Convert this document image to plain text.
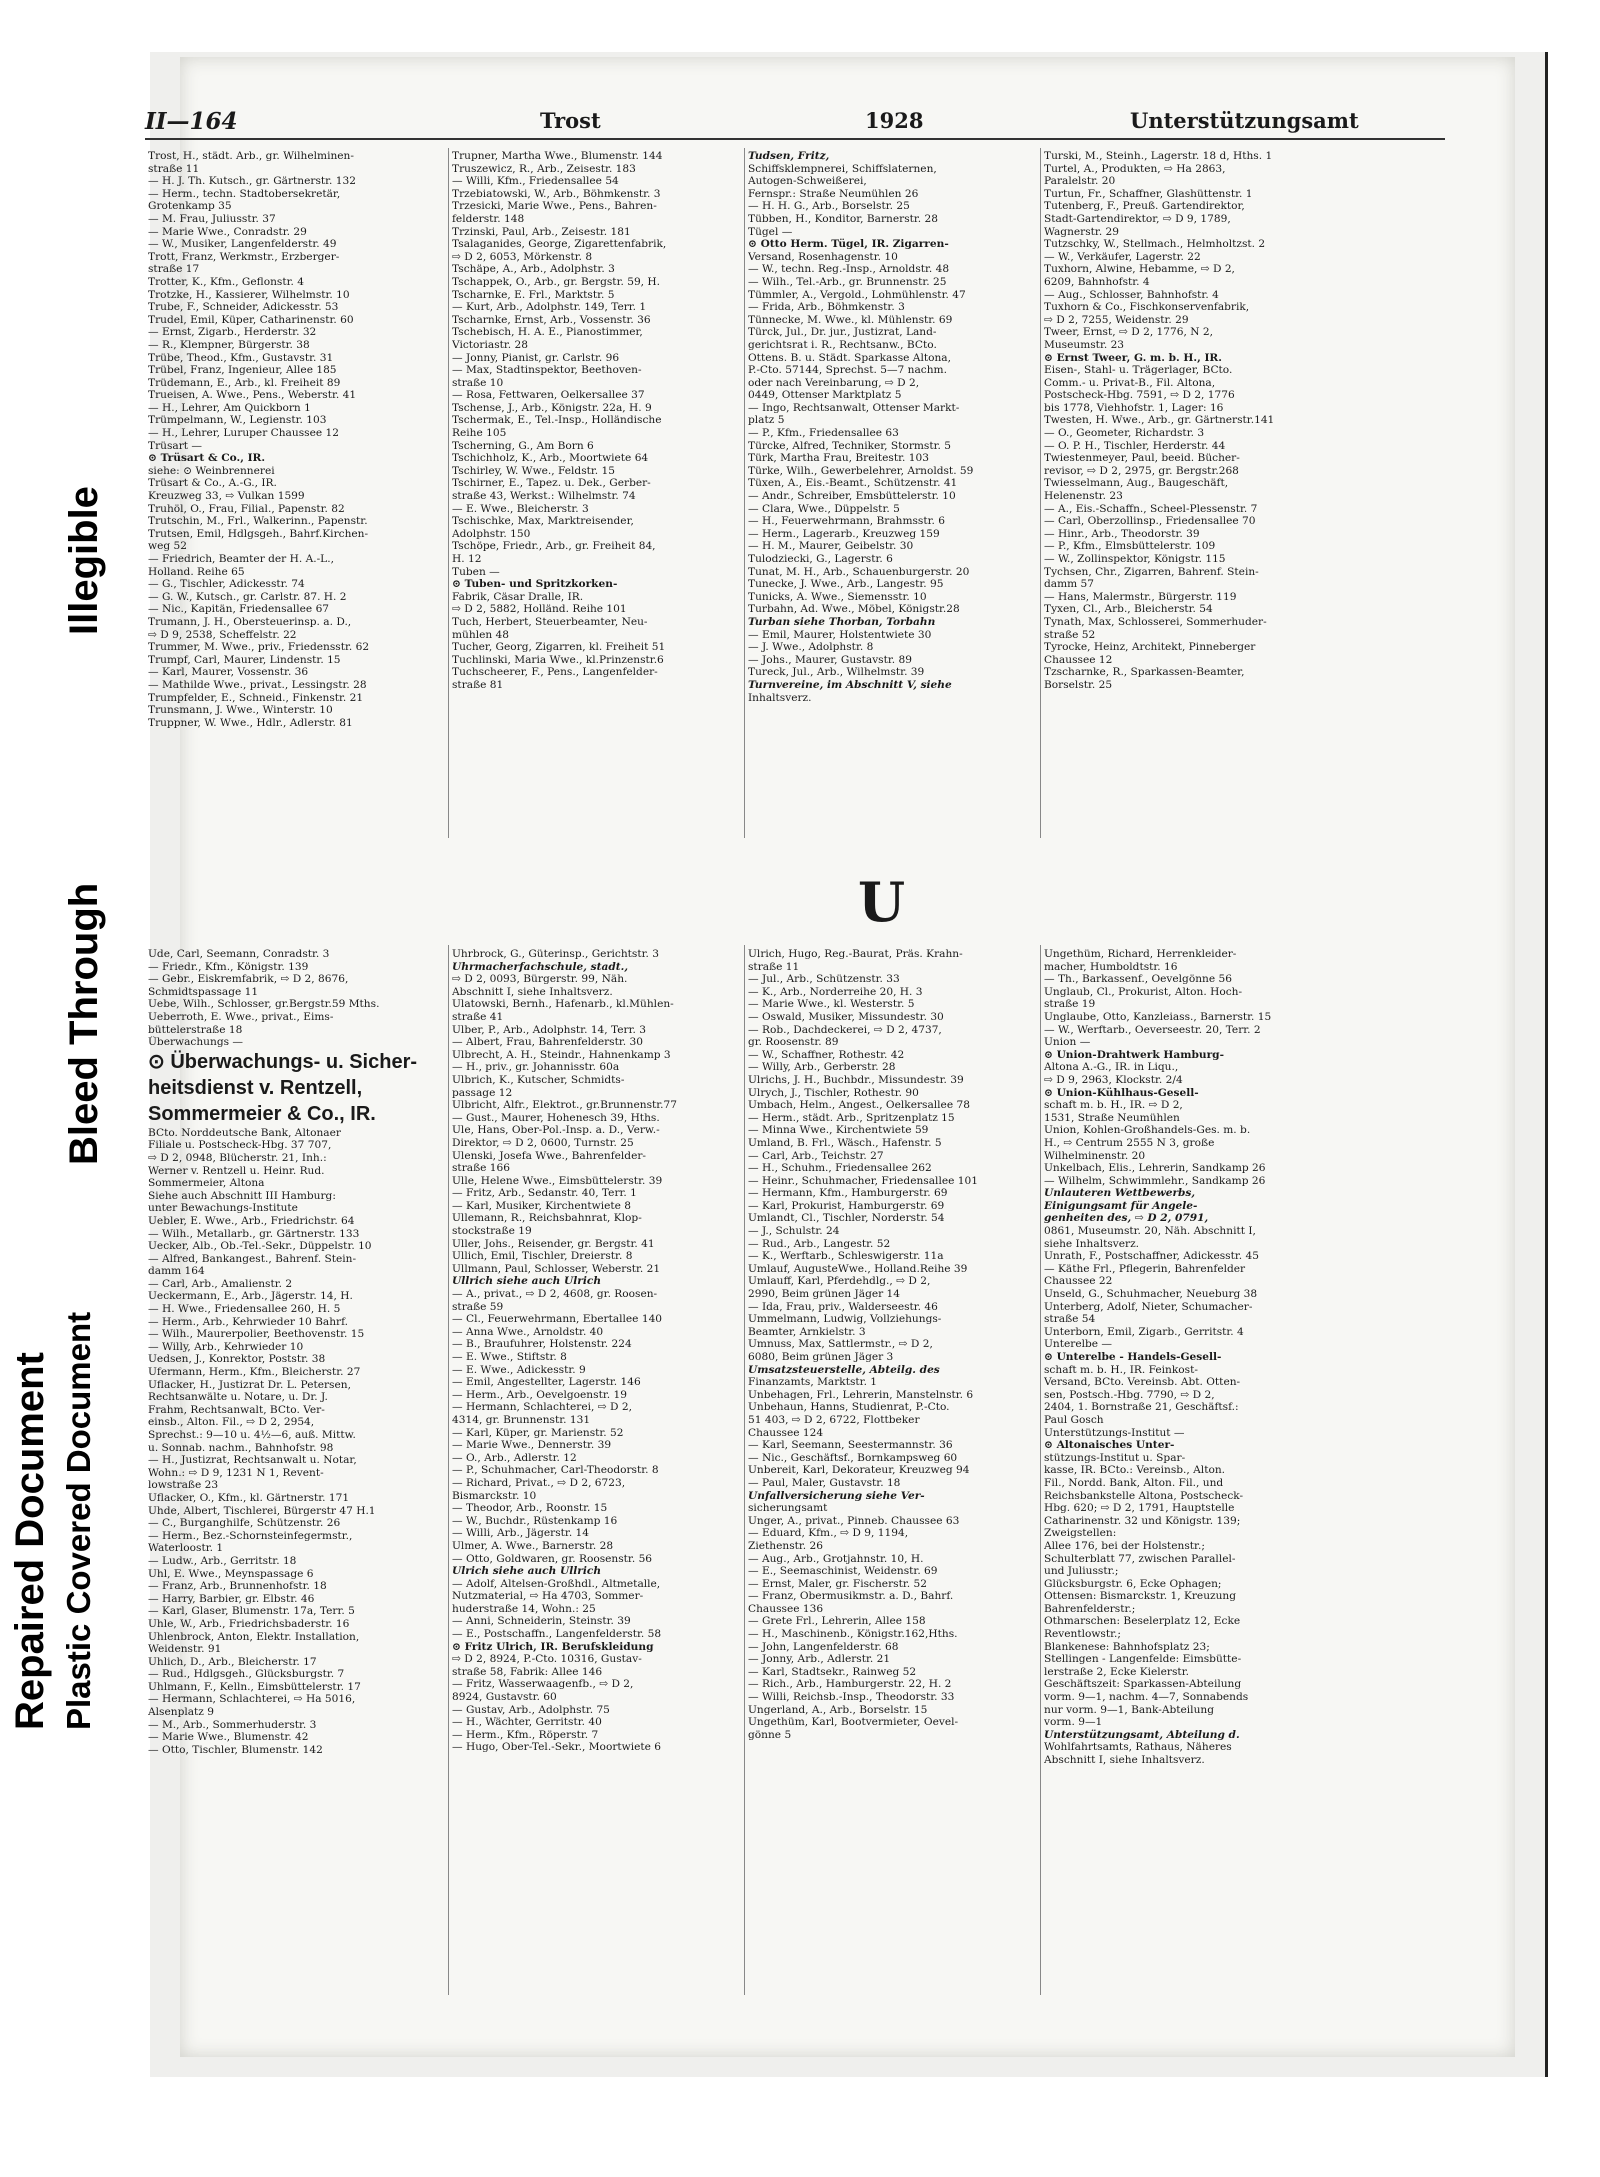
Repaired Document Plastic Covered Document
Bleed Through
Illegible
II—164	Trost	1928	Unterstützungsamt
Trost, H., städt. Arb., gr. Wilhelminen-
straße 11
— H. J. Th. Kutsch., gr. Gärtnerstr. 132
— Herm., techn. Stadtobersekretär,
Grotenkamp 35
— M. Frau, Juliusstr. 37
— Marie Wwe., Conradstr. 29
— W., Musiker, Langenfelderstr. 49
Trott, Franz, Werkmstr., Erzberger-
straße 17
Trotter, K., Kfm., Geflonstr. 4
Trotzke, H., Kassierer, Wilhelmstr. 10
Trube, F., Schneider, Adickesstr. 53
Trudel, Emil, Küper, Catharinenstr. 60
— Ernst, Zigarb., Herderstr. 32
— R., Klempner, Bürgerstr. 38
Trübe, Theod., Kfm., Gustavstr. 31
Trübel, Franz, Ingenieur, Allee 185
Trüdemann, E., Arb., kl. Freiheit 89
Trueisen, A. Wwe., Pens., Weberstr. 41
— H., Lehrer, Am Quickborn 1
Trümpelmann, W., Legienstr. 103
— H., Lehrer, Luruper Chaussee 12
Trüsart —
⊙ Trüsart & Co., IR.
siehe: ⊙ Weinbrennerei
Trüsart & Co., A.-G., IR.
Kreuzweg 33, ⇨ Vulkan 1599
Truhöl, O., Frau, Filial., Papenstr. 82
Trutschin, M., Frl., Walkerinn., Papenstr.
Trutsen, Emil, Hdlgsgeh., Bahrf.Kirchen-
weg 52
— Friedrich, Beamter der H. A.-L.,
Holland. Reihe 65
— G., Tischler, Adickesstr. 74
— G. W., Kutsch., gr. Carlstr. 87. H. 2
— Nic., Kapitän, Friedensallee 67
Trumann, J. H., Obersteuerinsp. a. D.,
⇨ D 9, 2538, Scheffelstr. 22
Trummer, M. Wwe., priv., Friedensstr. 62
Trumpf, Carl, Maurer, Lindenstr. 15
— Karl, Maurer, Vossenstr. 36
— Mathilde Wwe., privat., Lessingstr. 28
Trumpfelder, E., Schneid., Finkenstr. 21
Trunsmann, J. Wwe., Winterstr. 10
Truppner, W. Wwe., Hdlr., Adlerstr. 81
Trupner, Martha Wwe., Blumenstr. 144
Truszewicz, R., Arb., Zeisestr. 183
— Willi, Kfm., Friedensallee 54
Trzebiatowski, W., Arb., Böhmkenstr. 3
Trzesicki, Marie Wwe., Pens., Bahren-
felderstr. 148
Trzinski, Paul, Arb., Zeisestr. 181
Tsalaganides, George, Zigarettenfabrik,
⇨ D 2, 6053, Mörkenstr. 8
Tschäpe, A., Arb., Adolphstr. 3
Tschappek, O., Arb., gr. Bergstr. 59, H.
Tscharnke, E. Frl., Marktstr. 5
— Kurt, Arb., Adolphstr. 149, Terr. 1
Tscharnke, Ernst, Arb., Vossenstr. 36
Tschebisch, H. A. E., Pianostimmer,
Victoriastr. 28
— Jonny, Pianist, gr. Carlstr. 96
— Max, Stadtinspektor, Beethoven-
straße 10
— Rosa, Fettwaren, Oelkersallee 37
Tschense, J., Arb., Königstr. 22a, H. 9
Tschermak, E., Tel.-Insp., Holländische
Reihe 105
Tscherning, G., Am Born 6
Tschichholz, K., Arb., Moortwiete 64
Tschirley, W. Wwe., Feldstr. 15
Tschirner, E., Tapez. u. Dek., Gerber-
straße 43, Werkst.: Wilhelmstr. 74
— E. Wwe., Bleicherstr. 3
Tschischke, Max, Marktreisender,
Adolphstr. 150
Tschöpe, Friedr., Arb., gr. Freiheit 84,
H. 12
Tuben —
⊙ Tuben- und Spritzkorken-
Fabrik, Cäsar Dralle, IR.
⇨ D 2, 5882, Holländ. Reihe 101
Tuch, Herbert, Steuerbeamter, Neu-
mühlen 48
Tucher, Georg, Zigarren, kl. Freiheit 51
Tuchlinski, Maria Wwe., kl.Prinzenstr.6
Tuchscheerer, F., Pens., Langenfelder-
straße 81
Tudsen, Fritz,
Schiffsklempnerei, Schiffslaternen,
Autogen-Schweißerei,
Fernspr.: Straße Neumühlen 26
— H. H. G., Arb., Borselstr. 25
Tübben, H., Konditor, Barnerstr. 28
Tügel —
⊙ Otto Herm. Tügel, IR. Zigarren-
Versand, Rosenhagenstr. 10
— W., techn. Reg.-Insp., Arnoldstr. 48
— Wilh., Tel.-Arb., gr. Brunnenstr. 25
Tümmler, A., Vergold., Lohmühlenstr. 47
— Frida, Arb., Böhmkenstr. 3
Tünnecke, M. Wwe., kl. Mühlenstr. 69
Türck, Jul., Dr. jur., Justizrat, Land-
gerichtsrat i. R., Rechtsanw., BCto.
Ottens. B. u. Städt. Sparkasse Altona,
P.-Cto. 57144, Sprechst. 5—7 nachm.
oder nach Vereinbarung, ⇨ D 2,
0449, Ottenser Marktplatz 5
— Ingo, Rechtsanwalt, Ottenser Markt-
platz 5
— P., Kfm., Friedensallee 63
Türcke, Alfred, Techniker, Stormstr. 5
Türk, Martha Frau, Breitestr. 103
Türke, Wilh., Gewerbelehrer, Arnoldst. 59
Tüxen, A., Eis.-Beamt., Schützenstr. 41
— Andr., Schreiber, Emsbüttelerstr. 10
— Clara, Wwe., Düppelstr. 5
— H., Feuerwehrmann, Brahmsstr. 6
— Herm., Lagerarb., Kreuzweg 159
— H. M., Maurer, Geibelstr. 30
Tulodziecki, G., Lagerstr. 6
Tunat, M. H., Arb., Schauenburgerstr. 20
Tunecke, J. Wwe., Arb., Langestr. 95
Tunicks, A. Wwe., Siemensstr. 10
Turbahn, Ad. Wwe., Möbel, Königstr.28
Turban siehe Thorban, Torbahn
— Emil, Maurer, Holstentwiete 30
— J. Wwe., Adolphstr. 8
— Johs., Maurer, Gustavstr. 89
Tureck, Jul., Arb., Wilhelmstr. 39
Turnvereine, im Abschnitt V, siehe
Inhaltsverz.
Turski, M., Steinh., Lagerstr. 18 d, Hths. 1
Turtel, A., Produkten, ⇨ Ha 2863,
Paralelstr. 20
Turtun, Fr., Schaffner, Glashüttenstr. 1
Tutenberg, F., Preuß. Gartendirektor,
Stadt-Gartendirektor, ⇨ D 9, 1789,
Wagnerstr. 29
Tutzschky, W., Stellmach., Helmholtzst. 2
— W., Verkäufer, Lagerstr. 22
Tuxhorn, Alwine, Hebamme, ⇨ D 2,
6209, Bahnhofstr. 4
— Aug., Schlosser, Bahnhofstr. 4
Tuxhorn & Co., Fischkonservenfabrik,
⇨ D 2, 7255, Weidenstr. 29
Tweer, Ernst, ⇨ D 2, 1776, N 2,
Museumstr. 23
⊙ Ernst Tweer, G. m. b. H., IR.
Eisen-, Stahl- u. Trägerlager, BCto.
Comm.- u. Privat-B., Fil. Altona,
Postscheck-Hbg. 7591, ⇨ D 2, 1776
bis 1778, Viehhofstr. 1, Lager: 16
Twesten, H. Wwe., Arb., gr. Gärtnerstr.141
— O., Geometer, Richardstr. 3
— O. P. H., Tischler, Herderstr. 44
Twiestenmeyer, Paul, beeid. Bücher-
revisor, ⇨ D 2, 2975, gr. Bergstr.268
Twiesselmann, Aug., Baugeschäft,
Helenenstr. 23
— A., Eis.-Schaffn., Scheel-Plessenstr. 7
— Carl, Oberzollinsp., Friedensallee 70
— Hinr., Arb., Theodorstr. 39
— P., Kfm., Elmsbüttelerstr. 109
— W., Zollinspektor, Königstr. 115
Tychsen, Chr., Zigarren, Bahrenf. Stein-
damm 57
— Hans, Malermstr., Bürgerstr. 119
Tyxen, Cl., Arb., Bleicherstr. 54
Tynath, Max, Schlosserei, Sommerhuder-
straße 52
Tyrocke, Heinz, Architekt, Pinneberger
Chaussee 12
Tzscharnke, R., Sparkassen-Beamter,
Borselstr. 25
U
Ude, Carl, Seemann, Conradstr. 3
— Friedr., Kfm., Königstr. 139
— Gebr., Eiskremfabrik, ⇨ D 2, 8676,
Schmidtspassage 11
Uebe, Wilh., Schlosser, gr.Bergstr.59 Mths.
Ueberroth, E. Wwe., privat., Eims-
büttelerstraße 18
Überwachungs —
⊙ Überwachungs- u. Sicher-
heitsdienst v. Rentzell,
Sommermeier & Co., IR.
BCto. Norddeutsche Bank, Altonaer
Filiale u. Postscheck-Hbg. 37 707,
⇨ D 2, 0948, Blücherstr. 21, Inh.:
Werner v. Rentzell u. Heinr. Rud.
Sommermeier, Altona
Siehe auch Abschnitt III Hamburg:
unter Bewachungs-Institute
Uebler, E. Wwe., Arb., Friedrichstr. 64
— Wilh., Metallarb., gr. Gärtnerstr. 133
Uecker, Alb., Ob.-Tel.-Sekr., Düppelstr. 10
— Alfred, Bankangest., Bahrenf. Stein-
damm 164
— Carl, Arb., Amalienstr. 2
Ueckermann, E., Arb., Jägerstr. 14, H.
— H. Wwe., Friedensallee 260, H. 5
— Herm., Arb., Kehrwieder 10 Bahrf.
— Wilh., Maurerpolier, Beethovenstr. 15
— Willy, Arb., Kehrwieder 10
Uedsen, J., Konrektor, Poststr. 38
Ufermann, Herm., Kfm., Bleicherstr. 27
Uflacker, H., Justizrat Dr. L. Petersen,
Rechtsanwälte u. Notare, u. Dr. J.
Frahm, Rechtsanwalt, BCto. Ver-
einsb., Alton. Fil., ⇨ D 2, 2954,
Sprechst.: 9—10 u. 4½—6, auß. Mittw.
u. Sonnab. nachm., Bahnhofstr. 98
— H., Justizrat, Rechtsanwalt u. Notar,
Wohn.: ⇨ D 9, 1231 N 1, Revent-
lowstraße 23
Uflacker, O., Kfm., kl. Gärtnerstr. 171
Uhde, Albert, Tischlerei, Bürgerstr 47 H.1
— C., Burganghilfe, Schützenstr. 26
— Herm., Bez.-Schornsteinfegermstr.,
Waterloostr. 1
— Ludw., Arb., Gerritstr. 18
Uhl, E. Wwe., Meynspassage 6
— Franz, Arb., Brunnenhofstr. 18
— Harry, Barbier, gr. Elbstr. 46
— Karl, Glaser, Blumenstr. 17a, Terr. 5
Uhle, W., Arb., Friedrichsbaderstr. 16
Uhlenbrock, Anton, Elektr. Installation,
Weidenstr. 91
Uhlich, D., Arb., Bleicherstr. 17
— Rud., Hdlgsgeh., Glücksburgstr. 7
Uhlmann, F., Kelln., Eimsbüttelerstr. 17
— Hermann, Schlachterei, ⇨ Ha 5016,
Alsenplatz 9
— M., Arb., Sommerhuderstr. 3
— Marie Wwe., Blumenstr. 42
— Otto, Tischler, Blumenstr. 142
Uhrbrock, G., Güterinsp., Gerichtstr. 3
Uhrmacherfachschule, stadt.,
⇨ D 2, 0093, Bürgerstr. 99, Näh.
Abschnitt I, siehe Inhaltsverz.
Ulatowski, Bernh., Hafenarb., kl.Mühlen-
straße 41
Ulber, P., Arb., Adolphstr. 14, Terr. 3
— Albert, Frau, Bahrenfelderstr. 30
Ulbrecht, A. H., Steindr., Hahnenkamp 3
— H., priv., gr. Johannisstr. 60a
Ulbrich, K., Kutscher, Schmidts-
passage 12
Ulbricht, Alfr., Elektrot., gr.Brunnenstr.77
— Gust., Maurer, Hohenesch 39, Hths.
Ule, Hans, Ober-Pol.-Insp. a. D., Verw.-
Direktor, ⇨ D 2, 0600, Turnstr. 25
Ulenski, Josefa Wwe., Bahrenfelder-
straße 166
Ulle, Helene Wwe., Eimsbüttelerstr. 39
— Fritz, Arb., Sedanstr. 40, Terr. 1
— Karl, Musiker, Kirchentwiete 8
Ullemann, R., Reichsbahnrat, Klop-
stockstraße 19
Uller, Johs., Reisender, gr. Bergstr. 41
Ullich, Emil, Tischler, Dreierstr. 8
Ullmann, Paul, Schlosser, Weberstr. 21
Ullrich siehe auch Ulrich
— A., privat., ⇨ D 2, 4608, gr. Roosen-
straße 59
— Cl., Feuerwehrmann, Ebertallee 140
— Anna Wwe., Arnoldstr. 40
— B., Braufuhrer, Holstenstr. 224
— E. Wwe., Stiftstr. 8
— E. Wwe., Adickesstr. 9
— Emil, Angestellter, Lagerstr. 146
— Herm., Arb., Oevelgoenstr. 19
— Hermann, Schlachterei, ⇨ D 2,
4314, gr. Brunnenstr. 131
— Karl, Küper, gr. Marienstr. 52
— Marie Wwe., Dennerstr. 39
— O., Arb., Adlerstr. 12
— P., Schuhmacher, Carl-Theodorstr. 8
— Richard, Privat., ⇨ D 2, 6723,
Bismarckstr. 10
— Theodor, Arb., Roonstr. 15
— W., Buchdr., Rüstenkamp 16
— Willi, Arb., Jägerstr. 14
Ulmer, A. Wwe., Barnerstr. 28
— Otto, Goldwaren, gr. Roosenstr. 56
Ulrich siehe auch Ullrich
— Adolf, Altelsen-Großhdl., Altmetalle,
Nutzmaterial, ⇨ Ha 4703, Sommer-
huderstraße 14, Wohn.: 25
— Anni, Schneiderin, Steinstr. 39
— E., Postschaffn., Langenfelderstr. 58
⊙ Fritz Ulrich, IR. Berufskleidung
⇨ D 2, 8924, P.-Cto. 10316, Gustav-
straße 58, Fabrik: Allee 146
— Fritz, Wasserwaagenfb., ⇨ D 2,
8924, Gustavstr. 60
— Gustav, Arb., Adolphstr. 75
— H., Wächter, Gerritstr. 40
— Herm., Kfm., Röperstr. 7
— Hugo, Ober-Tel.-Sekr., Moortwiete 6
Ulrich, Hugo, Reg.-Baurat, Präs. Krahn-
straße 11
— Jul., Arb., Schützenstr. 33
— K., Arb., Norderreihe 20, H. 3
— Marie Wwe., kl. Westerstr. 5
— Oswald, Musiker, Missundestr. 30
— Rob., Dachdeckerei, ⇨ D 2, 4737,
gr. Roosenstr. 89
— W., Schaffner, Rothestr. 42
— Willy, Arb., Gerberstr. 28
Ulrichs, J. H., Buchbdr., Missundestr. 39
Ulrych, J., Tischler, Rothestr. 90
Umbach, Helm., Angest., Oelkersallee 78
— Herm., städt. Arb., Spritzenplatz 15
— Minna Wwe., Kirchentwiete 59
Umland, B. Frl., Wäsch., Hafenstr. 5
— Carl, Arb., Teichstr. 27
— H., Schuhm., Friedensallee 262
— Heinr., Schuhmacher, Friedensallee 101
— Hermann, Kfm., Hamburgerstr. 69
— Karl, Prokurist, Hamburgerstr. 69
Umlandt, Cl., Tischler, Norderstr. 54
— J., Schulstr. 24
— Rud., Arb., Langestr. 52
— K., Werftarb., Schleswigerstr. 11a
Umlauf, AugusteWwe., Holland.Reihe 39
Umlauff, Karl, Pferdehdlg., ⇨ D 2,
2990, Beim grünen Jäger 14
— Ida, Frau, priv., Walderseestr. 46
Ummelmann, Ludwig, Vollziehungs-
Beamter, Arnkielstr. 3
Umnuss, Max, Sattlermstr., ⇨ D 2,
6080, Beim grünen Jäger 3
Umsatzsteuerstelle, Abteilg. des
Finanzamts, Marktstr. 1
Unbehagen, Frl., Lehrerin, Manstelnstr. 6
Unbehaun, Hanns, Studienrat, P.-Cto.
51 403, ⇨ D 2, 6722, Flottbeker
Chaussee 124
— Karl, Seemann, Seestermannstr. 36
— Nic., Geschäftsf., Bornkampsweg 60
Unbereit, Karl, Dekorateur, Kreuzweg 94
— Paul, Maler, Gustavstr. 18
Unfallversicherung siehe Ver-
sicherungsamt
Unger, A., privat., Pinneb. Chaussee 63
— Eduard, Kfm., ⇨ D 9, 1194,
Ziethenstr. 26
— Aug., Arb., Grotjahnstr. 10, H.
— E., Seemaschinist, Weidenstr. 69
— Ernst, Maler, gr. Fischerstr. 52
— Franz, Obermusikmstr. a. D., Bahrf.
Chaussee 136
— Grete Frl., Lehrerin, Allee 158
— H., Maschinenb., Königstr.162,Hths.
— John, Langenfelderstr. 68
— Jonny, Arb., Adlerstr. 21
— Karl, Stadtsekr., Rainweg 52
— Rich., Arb., Hamburgerstr. 22, H. 2
— Willi, Reichsb.-Insp., Theodorstr. 33
Ungerland, A., Arb., Borselstr. 15
Ungethüm, Karl, Bootvermieter, Oevel-
gönne 5
Ungethüm, Richard, Herrenkleider-
macher, Humboldtstr. 16
— Th., Barkassenf., Oevelgönne 56
Unglaub, Cl., Prokurist, Alton. Hoch-
straße 19
Unglaube, Otto, Kanzleiass., Barnerstr. 15
— W., Werftarb., Oeverseestr. 20, Terr. 2
Union —
⊙ Union-Drahtwerk Hamburg-
Altona A.-G., IR. in Liqu.,
⇨ D 9, 2963, Klockstr. 2/4
⊙ Union-Kühlhaus-Gesell-
schaft m. b. H., IR. ⇨ D 2,
1531, Straße Neumühlen
Union, Kohlen-Großhandels-Ges. m. b.
H., ⇨ Centrum 2555 N 3, große
Wilhelminenstr. 20
Unkelbach, Elis., Lehrerin, Sandkamp 26
— Wilhelm, Schwimmlehr., Sandkamp 26
Unlauteren Wettbewerbs,
Einigungsamt für Angele-
genheiten des, ⇨ D 2, 0791,
0861, Museumstr. 20, Näh. Abschnitt I,
siehe Inhaltsverz.
Unrath, F., Postschaffner, Adickesstr. 45
— Käthe Frl., Pflegerin, Bahrenfelder
Chaussee 22
Unseld, G., Schuhmacher, Neueburg 38
Unterberg, Adolf, Nieter, Schumacher-
straße 54
Unterborn, Emil, Zigarb., Gerritstr. 4
Unterelbe —
⊙ Unterelbe - Handels-Gesell-
schaft m. b. H., IR. Feinkost-
Versand, BCto. Vereinsb. Abt. Otten-
sen, Postsch.-Hbg. 7790, ⇨ D 2,
2404, 1. Bornstraße 21, Geschäftsf.:
Paul Gosch
Unterstützungs-Institut —
⊙ Altonaisches Unter-
stützungs-Institut u. Spar-
kasse, IR. BCto.: Vereinsb., Alton.
Fil., Nordd. Bank, Alton. Fil., und
Reichsbankstelle Altona, Postscheck-
Hbg. 620; ⇨ D 2, 1791, Hauptstelle
Catharinenstr. 32 und Königstr. 139;
Zweigstellen:
Allee 176, bei der Holstenstr.;
Schulterblatt 77, zwischen Parallel-
und Juliusstr.;
Glücksburgstr. 6, Ecke Ophagen;
Ottensen: Bismarckstr. 1, Kreuzung
Bahrenfelderstr.;
Othmarschen: Beselerplatz 12, Ecke
Reventlowstr.;
Blankenese: Bahnhofsplatz 23;
Stellingen - Langenfelde: Eimsbütte-
lerstraße 2, Ecke Kielerstr.
Geschäftszeit: Sparkassen-Abteilung
vorm. 9—1, nachm. 4—7, Sonnabends
nur vorm. 9—1, Bank-Abteilung
vorm. 9—1
Unterstützungsamt, Abteilung d.
Wohlfahrtsamts, Rathaus, Näheres
Abschnitt I, siehe Inhaltsverz.
